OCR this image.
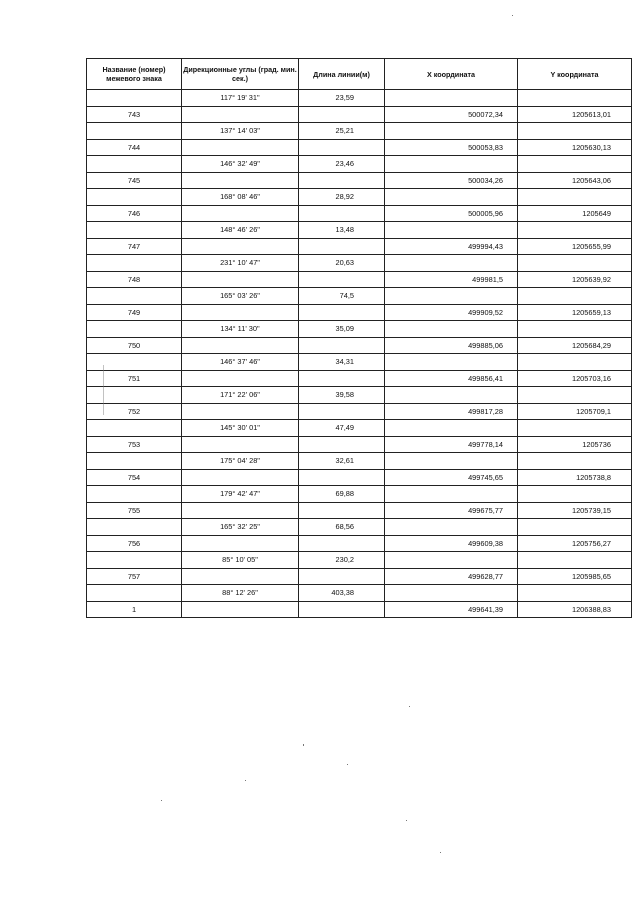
Название (номер) межевого знака	Дирекционные углы (град. мин. сек.)	Длина линии(м)	X координата	Y координата
	117° 19' 31"	23,59		
743			500072,34	1205613,01
	137° 14' 03"	25,21		
744			500053,83	1205630,13
	146° 32' 49"	23,46		
745			500034,26	1205643,06
	168° 08' 46"	28,92		
746			500005,96	1205649
	148° 46' 26"	13,48		
747			499994,43	1205655,99
	231° 10' 47"	20,63		
748			499981,5	1205639,92
	165° 03' 26"	74,5		
749			499909,52	1205659,13
	134° 11' 30"	35,09		
750			499885,06	1205684,29
	146° 37' 46"	34,31		
751			499856,41	1205703,16
	171° 22' 06"	39,58		
752			499817,28	1205709,1
	145° 30' 01"	47,49		
753			499778,14	1205736
	175° 04' 28"	32,61		
754			499745,65	1205738,8
	179° 42' 47"	69,88		
755			499675,77	1205739,15
	165° 32' 25"	68,56		
756			499609,38	1205756,27
	85° 10' 05"	230,2		
757			499628,77	1205985,65
	88° 12' 26"	403,38		
1			499641,39	1206388,83
